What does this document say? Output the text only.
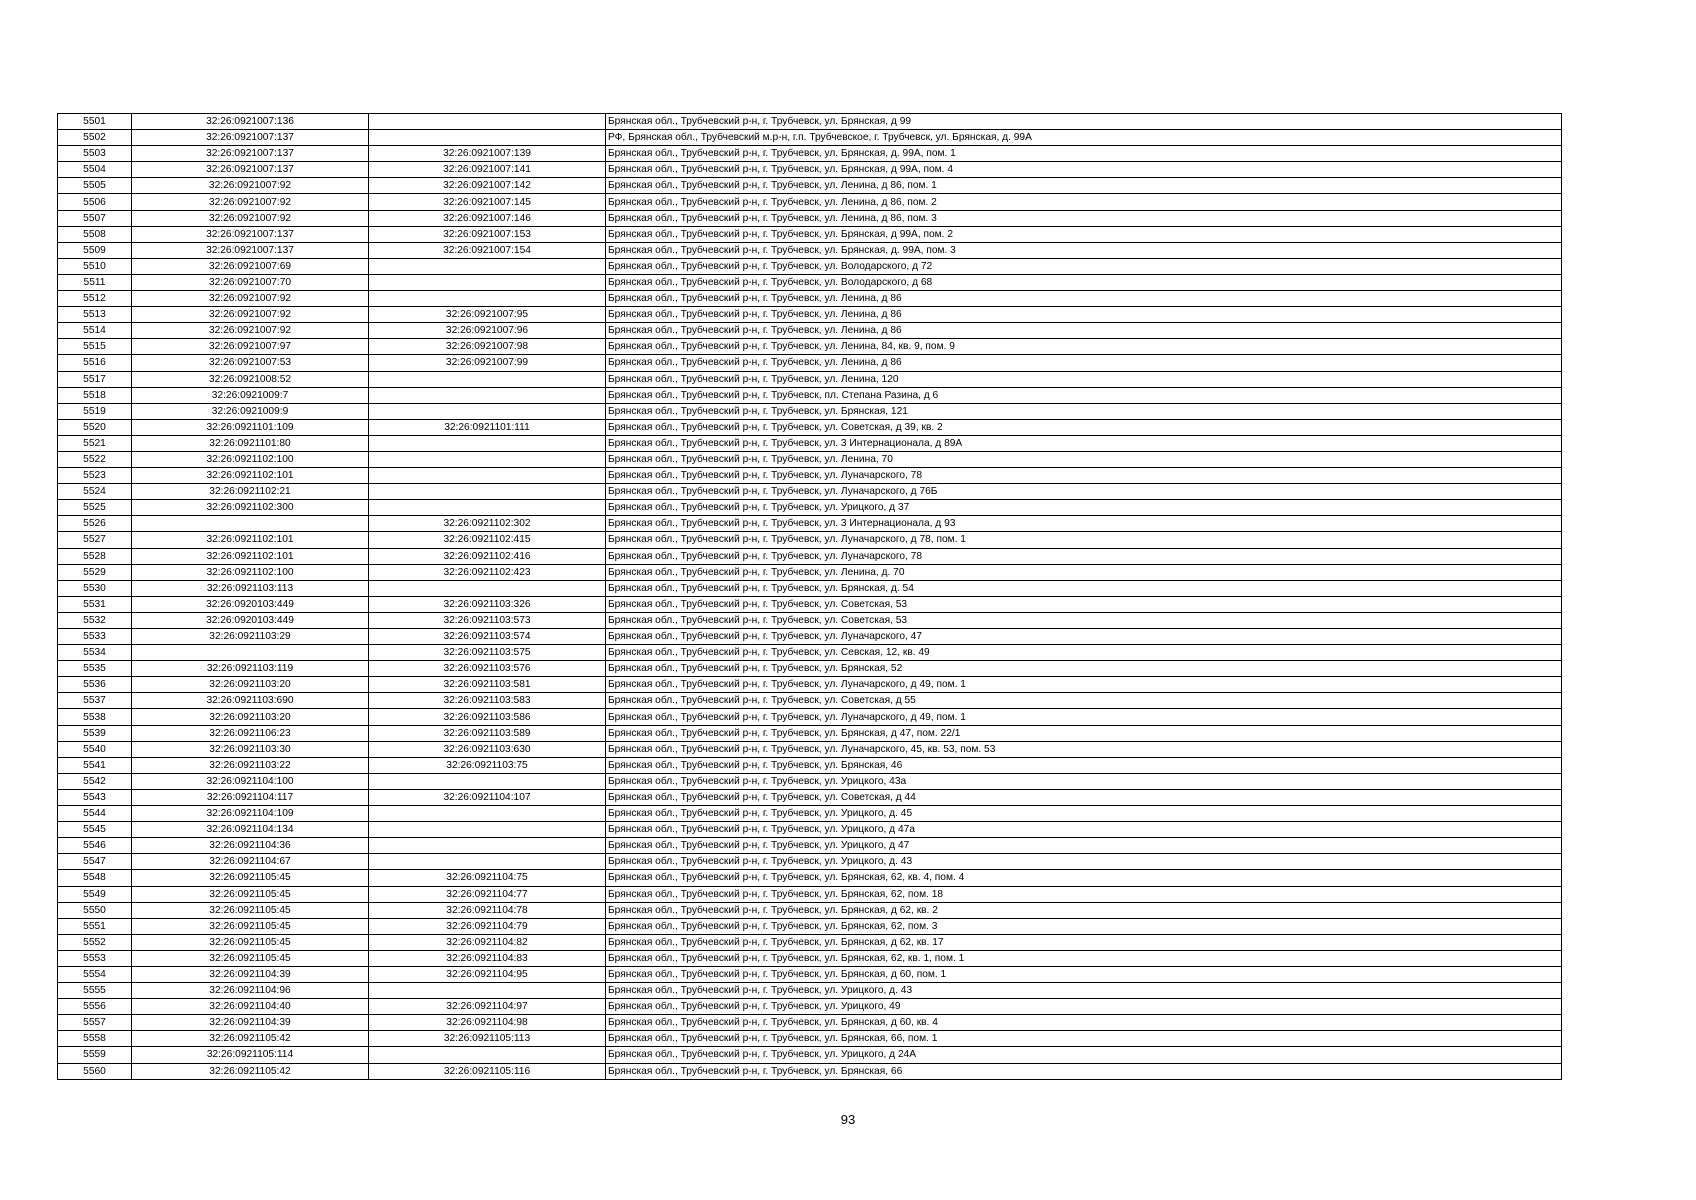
5501	32:26:0921007:136		Брянская обл., Трубчевский р-н, г. Трубчевск, ул. Брянская, д 99
5502	32:26:0921007:137		РФ, Брянская обл., Трубчевский м.р-н, г.п. Трубчевское, г. Трубчевск, ул. Брянская, д. 99А
5503	32:26:0921007:137	32:26:0921007:139	Брянская обл., Трубчевский р-н, г. Трубчевск, ул. Брянская, д. 99А, пом. 1
5504	32:26:0921007:137	32:26:0921007:141	Брянская обл., Трубчевский р-н, г. Трубчевск, ул. Брянская, д 99А, пом. 4
5505	32:26:0921007:92	32:26:0921007:142	Брянская обл., Трубчевский р-н, г. Трубчевск, ул. Ленина, д 86, пом. 1
5506	32:26:0921007:92	32:26:0921007:145	Брянская обл., Трубчевский р-н, г. Трубчевск, ул. Ленина, д 86, пом. 2
5507	32:26:0921007:92	32:26:0921007:146	Брянская обл., Трубчевский р-н, г. Трубчевск, ул. Ленина, д 86, пом. 3
5508	32:26:0921007:137	32:26:0921007:153	Брянская обл., Трубчевский р-н, г. Трубчевск, ул. Брянская, д 99А, пом. 2
5509	32:26:0921007:137	32:26:0921007:154	Брянская обл., Трубчевский р-н, г. Трубчевск, ул. Брянская, д. 99А, пом. 3
5510	32:26:0921007:69		Брянская обл., Трубчевский р-н, г. Трубчевск, ул. Володарского, д 72
5511	32:26:0921007:70		Брянская обл., Трубчевский р-н, г. Трубчевск, ул. Володарского, д 68
5512	32:26:0921007:92		Брянская обл., Трубчевский р-н, г. Трубчевск, ул. Ленина, д 86
5513	32:26:0921007:92	32:26:0921007:95	Брянская обл., Трубчевский р-н, г. Трубчевск, ул. Ленина, д 86
5514	32:26:0921007:92	32:26:0921007:96	Брянская обл., Трубчевский р-н, г. Трубчевск, ул. Ленина, д 86
5515	32:26:0921007:97	32:26:0921007:98	Брянская обл., Трубчевский р-н, г. Трубчевск, ул. Ленина, 84, кв. 9, пом. 9
5516	32:26:0921007:53	32:26:0921007:99	Брянская обл., Трубчевский р-н, г. Трубчевск, ул. Ленина, д 86
5517	32:26:0921008:52		Брянская обл., Трубчевский р-н, г. Трубчевск, ул. Ленина, 120
5518	32:26:0921009:7		Брянская обл., Трубчевский р-н, г. Трубчевск, пл. Степана Разина, д 6
5519	32:26:0921009:9		Брянская обл., Трубчевский р-н, г. Трубчевск, ул. Брянская, 121
5520	32:26:0921101:109	32:26:0921101:111	Брянская обл., Трубчевский р-н, г. Трубчевск, ул. Советская, д 39, кв. 2
5521	32:26:0921101:80		Брянская обл., Трубчевский р-н, г. Трубчевск, ул. 3 Интернационала, д 89А
5522	32:26:0921102:100		Брянская обл., Трубчевский р-н, г. Трубчевск, ул. Ленина, 70
5523	32:26:0921102:101		Брянская обл., Трубчевский р-н, г. Трубчевск, ул. Луначарского, 78
5524	32:26:0921102:21		Брянская обл., Трубчевский р-н, г. Трубчевск, ул. Луначарского, д 76Б
5525	32:26:0921102:300		Брянская обл., Трубчевский р-н, г. Трубчевск, ул. Урицкого, д 37
5526		32:26:0921102:302	Брянская обл., Трубчевский р-н, г. Трубчевск, ул. 3 Интернационала, д 93
5527	32:26:0921102:101	32:26:0921102:415	Брянская обл., Трубчевский р-н, г. Трубчевск, ул. Луначарского, д 78, пом. 1
5528	32:26:0921102:101	32:26:0921102:416	Брянская обл., Трубчевский р-н, г. Трубчевск, ул. Луначарского, 78
5529	32:26:0921102:100	32:26:0921102:423	Брянская обл., Трубчевский р-н, г. Трубчевск, ул. Ленина, д. 70
5530	32:26:0921103:113		Брянская обл., Трубчевский р-н, г. Трубчевск, ул. Брянская, д. 54
5531	32:26:0920103:449	32:26:0921103:326	Брянская обл., Трубчевский р-н, г. Трубчевск, ул. Советская, 53
5532	32:26:0920103:449	32:26:0921103:573	Брянская обл., Трубчевский р-н, г. Трубчевск, ул. Советская, 53
5533	32:26:0921103:29	32:26:0921103:574	Брянская обл., Трубчевский р-н, г. Трубчевск, ул. Луначарского, 47
5534		32:26:0921103:575	Брянская обл., Трубчевский р-н, г. Трубчевск, ул. Севская, 12, кв. 49
5535	32:26:0921103:119	32:26:0921103:576	Брянская обл., Трубчевский р-н, г. Трубчевск, ул. Брянская, 52
5536	32:26:0921103:20	32:26:0921103:581	Брянская обл., Трубчевский р-н, г. Трубчевск, ул. Луначарского, д 49, пом. 1
5537	32:26:0921103:690	32:26:0921103:583	Брянская обл., Трубчевский р-н, г. Трубчевск, ул. Советская, д 55
5538	32:26:0921103:20	32:26:0921103:586	Брянская обл., Трубчевский р-н, г. Трубчевск, ул. Луначарского, д 49, пом. 1
5539	32:26:0921106:23	32:26:0921103:589	Брянская обл., Трубчевский р-н, г. Трубчевск, ул. Брянская, д 47, пом. 22/1
5540	32:26:0921103:30	32:26:0921103:630	Брянская обл., Трубчевский р-н, г. Трубчевск, ул. Луначарского, 45, кв. 53, пом. 53
5541	32:26:0921103:22	32:26:0921103:75	Брянская обл., Трубчевский р-н, г. Трубчевск, ул. Брянская, 46
5542	32:26:0921104:100		Брянская обл., Трубчевский р-н, г. Трубчевск, ул. Урицкого, 43а
5543	32:26:0921104:117	32:26:0921104:107	Брянская обл., Трубчевский р-н, г. Трубчевск, ул. Советская, д 44
5544	32:26:0921104:109		Брянская обл., Трубчевский р-н, г. Трубчевск, ул. Урицкого, д. 45
5545	32:26:0921104:134		Брянская обл., Трубчевский р-н, г. Трубчевск, ул. Урицкого, д 47а
5546	32:26:0921104:36		Брянская обл., Трубчевский р-н, г. Трубчевск, ул. Урицкого, д 47
5547	32:26:0921104:67		Брянская обл., Трубчевский р-н, г. Трубчевск, ул. Урицкого, д. 43
5548	32:26:0921105:45	32:26:0921104:75	Брянская обл., Трубчевский р-н, г. Трубчевск, ул. Брянская, 62, кв. 4, пом. 4
5549	32:26:0921105:45	32:26:0921104:77	Брянская обл., Трубчевский р-н, г. Трубчевск, ул. Брянская, 62, пом. 18
5550	32:26:0921105:45	32:26:0921104:78	Брянская обл., Трубчевский р-н, г. Трубчевск, ул. Брянская, д 62, кв. 2
5551	32:26:0921105:45	32:26:0921104:79	Брянская обл., Трубчевский р-н, г. Трубчевск, ул. Брянская, 62, пом. 3
5552	32:26:0921105:45	32:26:0921104:82	Брянская обл., Трубчевский р-н, г. Трубчевск, ул. Брянская, д 62, кв. 17
5553	32:26:0921105:45	32:26:0921104:83	Брянская обл., Трубчевский р-н, г. Трубчевск, ул. Брянская, 62, кв. 1, пом. 1
5554	32:26:0921104:39	32:26:0921104:95	Брянская обл., Трубчевский р-н, г. Трубчевск, ул. Брянская, д 60, пом. 1
5555	32:26:0921104:96		Брянская обл., Трубчевский р-н, г. Трубчевск, ул. Урицкого, д. 43
5556	32:26:0921104:40	32:26:0921104:97	Брянская обл., Трубчевский р-н, г. Трубчевск, ул. Урицкого, 49
5557	32:26:0921104:39	32:26:0921104:98	Брянская обл., Трубчевский р-н, г. Трубчевск, ул. Брянская, д 60, кв. 4
5558	32:26:0921105:42	32:26:0921105:113	Брянская обл., Трубчевский р-н, г. Трубчевск, ул. Брянская, 66, пом. 1
5559	32:26:0921105:114		Брянская обл., Трубчевский р-н, г. Трубчевск, ул. Урицкого, д 24А
5560	32:26:0921105:42	32:26:0921105:116	Брянская обл., Трубчевский р-н, г. Трубчевск, ул. Брянская, 66
93
